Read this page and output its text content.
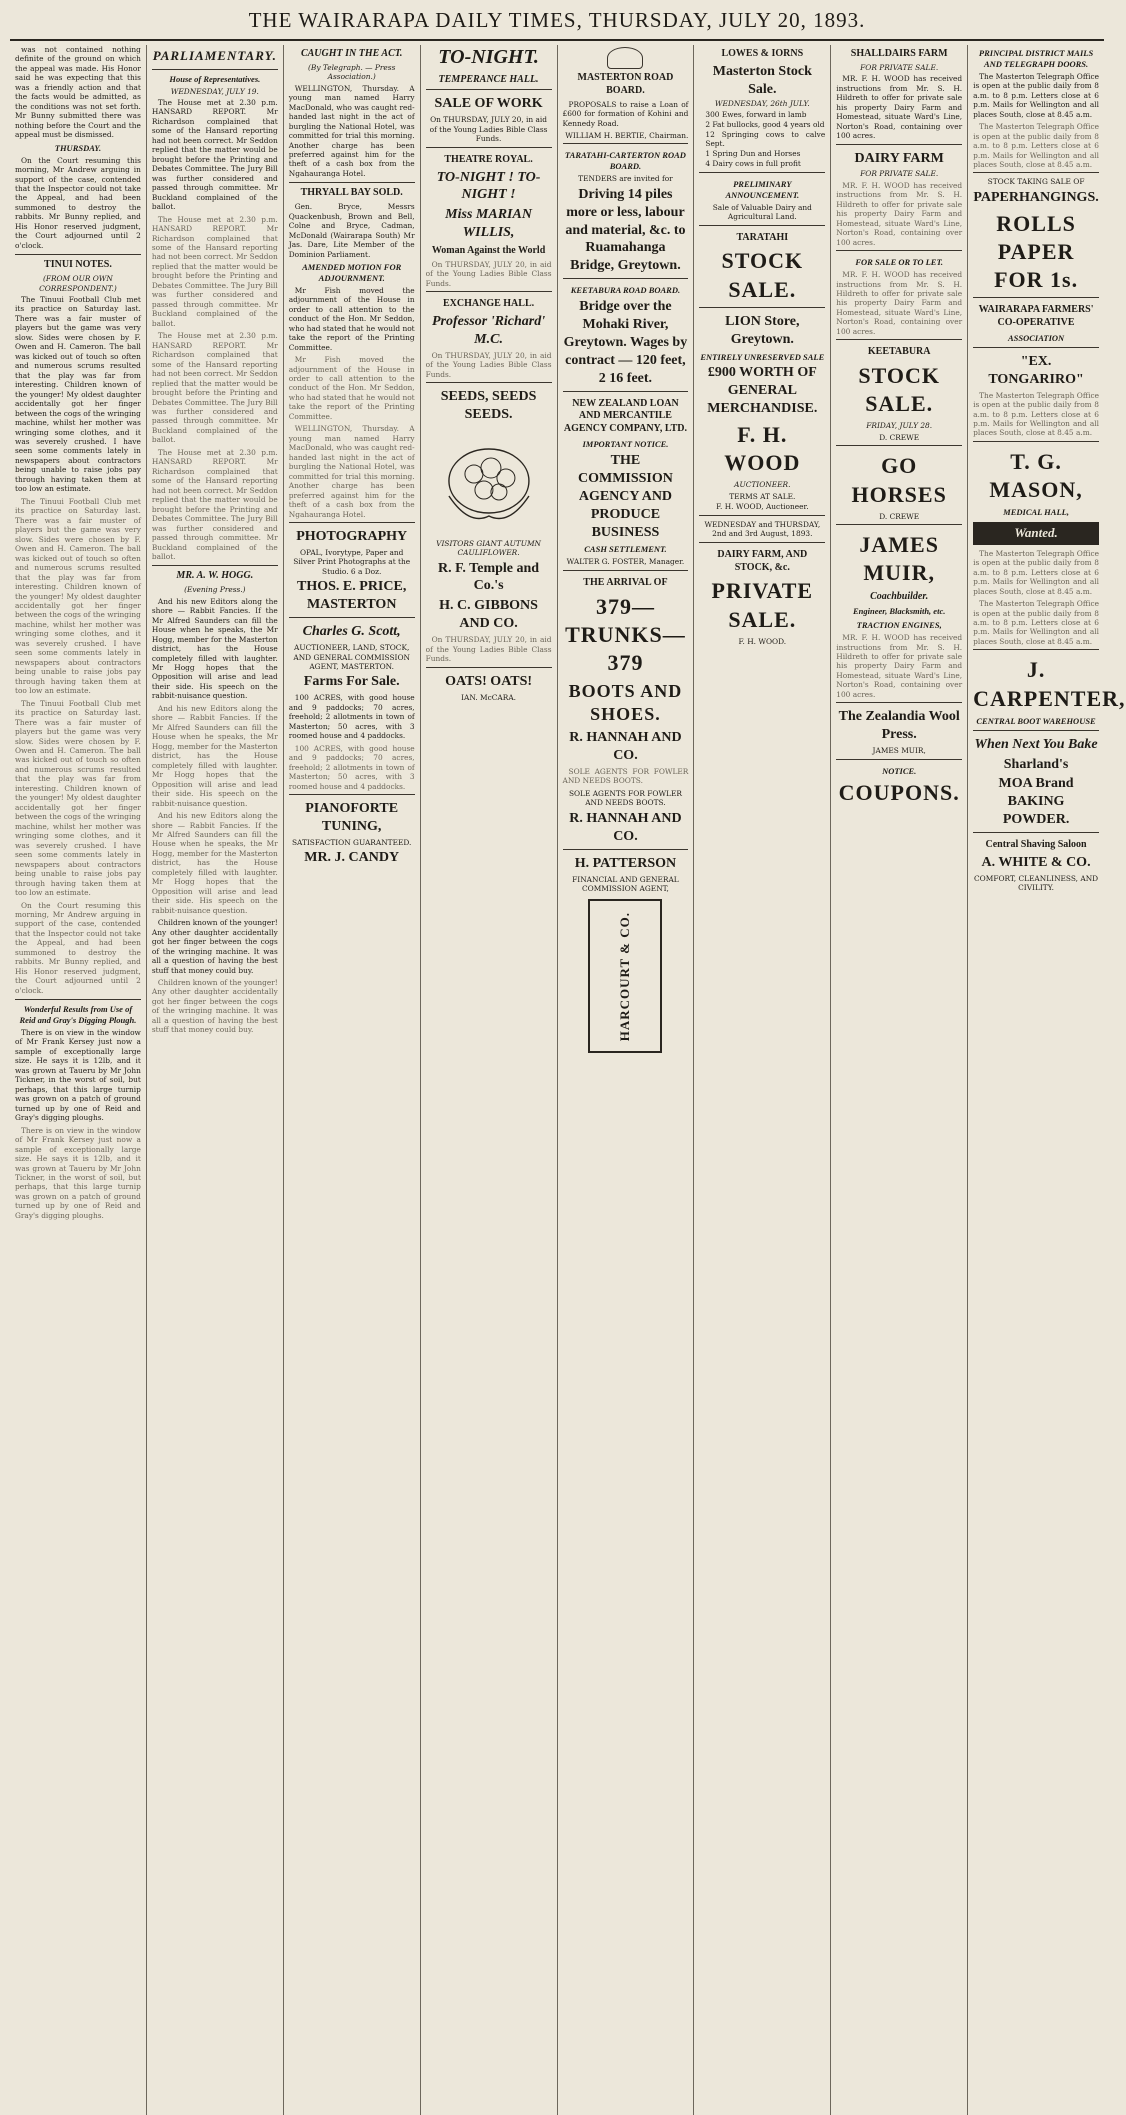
THE WAIRARAPA DAILY TIMES, THURSDAY, JULY 20, 1893.
was not contained nothing definite of the ground on which the appeal was made. His Honor said he was expecting that this was a friendly action and that the facts would be admitted, as the conditions was not set forth. Mr Bunny submitted there was nothing before the Court and the appeal must be dismissed.
THURSDAY.
On the Court resuming this morning, Mr Andrew arguing in support of the case, contended that the Inspector could not take the Appeal, and had been summoned to destroy the rabbits. Mr Bunny replied, and His Honor reserved judgment, the Court adjourned until 2 o'clock.
TINUI NOTES.
(FROM OUR OWN CORRESPONDENT.)
The Tinuui Football Club met its practice on Saturday last. There was a fair muster of players but the game was very slow. Sides were chosen by F. Owen and H. Cameron. The ball was kicked out of touch so often and numerous scrums resulted that the play was far from interesting. Children known of the younger! My oldest daughter accidentally got her finger between the cogs of the wringing machine, whilst her mother was wringing some clothes, and it was severely crushed. I have seen some comments lately in newspapers about contractors being unable to raise jobs pay through having taken them at too low an estimate.
The Tinuui Football Club met its practice on Saturday last. There was a fair muster of players but the game was very slow. Sides were chosen by F. Owen and H. Cameron. The ball was kicked out of touch so often and numerous scrums resulted that the play was far from interesting. Children known of the younger! My oldest daughter accidentally got her finger between the cogs of the wringing machine, whilst her mother was wringing some clothes, and it was severely crushed. I have seen some comments lately in newspapers about contractors being unable to raise jobs pay through having taken them at too low an estimate.
The Tinuui Football Club met its practice on Saturday last. There was a fair muster of players but the game was very slow. Sides were chosen by F. Owen and H. Cameron. The ball was kicked out of touch so often and numerous scrums resulted that the play was far from interesting. Children known of the younger! My oldest daughter accidentally got her finger between the cogs of the wringing machine, whilst her mother was wringing some clothes, and it was severely crushed. I have seen some comments lately in newspapers about contractors being unable to raise jobs pay through having taken them at too low an estimate.
On the Court resuming this morning, Mr Andrew arguing in support of the case, contended that the Inspector could not take the Appeal, and had been summoned to destroy the rabbits. Mr Bunny replied, and His Honor reserved judgment, the Court adjourned until 2 o'clock.
Wonderful Results from Use of Reid and Gray's Digging Plough.
There is on view in the window of Mr Frank Kersey just now a sample of exceptionally large size. He says it is 12lb, and it was grown at Taueru by Mr John Tickner, in the worst of soil, but perhaps, that this large turnip was grown on a patch of ground turned up by one of Reid and Gray's digging ploughs.
There is on view in the window of Mr Frank Kersey just now a sample of exceptionally large size. He says it is 12lb, and it was grown at Taueru by Mr John Tickner, in the worst of soil, but perhaps, that this large turnip was grown on a patch of ground turned up by one of Reid and Gray's digging ploughs.
PARLIAMENTARY.
House of Representatives.
WEDNESDAY, JULY 19.
The House met at 2.30 p.m. HANSARD REPORT. Mr Richardson complained that some of the Hansard reporting had not been correct. Mr Seddon replied that the matter would be brought before the Printing and Debates Committee. The Jury Bill was further considered and passed through committee. Mr Buckland complained of the ballot.
The House met at 2.30 p.m. HANSARD REPORT. Mr Richardson complained that some of the Hansard reporting had not been correct. Mr Seddon replied that the matter would be brought before the Printing and Debates Committee. The Jury Bill was further considered and passed through committee. Mr Buckland complained of the ballot.
The House met at 2.30 p.m. HANSARD REPORT. Mr Richardson complained that some of the Hansard reporting had not been correct. Mr Seddon replied that the matter would be brought before the Printing and Debates Committee. The Jury Bill was further considered and passed through committee. Mr Buckland complained of the ballot.
The House met at 2.30 p.m. HANSARD REPORT. Mr Richardson complained that some of the Hansard reporting had not been correct. Mr Seddon replied that the matter would be brought before the Printing and Debates Committee. The Jury Bill was further considered and passed through committee. Mr Buckland complained of the ballot.
MR. A. W. HOGG.
(Evening Press.)
And his new Editors along the shore — Rabbit Fancies. If the Mr Alfred Saunders can fill the House when he speaks, the Mr Hogg, member for the Masterton district, has the House completely filled with laughter. Mr Hogg hopes that the Opposition will arise and lead their side. His speech on the rabbit-nuisance question.
And his new Editors along the shore — Rabbit Fancies. If the Mr Alfred Saunders can fill the House when he speaks, the Mr Hogg, member for the Masterton district, has the House completely filled with laughter. Mr Hogg hopes that the Opposition will arise and lead their side. His speech on the rabbit-nuisance question.
And his new Editors along the shore — Rabbit Fancies. If the Mr Alfred Saunders can fill the House when he speaks, the Mr Hogg, member for the Masterton district, has the House completely filled with laughter. Mr Hogg hopes that the Opposition will arise and lead their side. His speech on the rabbit-nuisance question.
Children known of the younger! Any other daughter accidentally got her finger between the cogs of the wringing machine. It was all a question of having the best stuff that money could buy.
Children known of the younger! Any other daughter accidentally got her finger between the cogs of the wringing machine. It was all a question of having the best stuff that money could buy.
CAUGHT IN THE ACT.
(By Telegraph. — Press Association.)
WELLINGTON, Thursday. A young man named Harry MacDonald, who was caught red-handed last night in the act of burgling the National Hotel, was committed for trial this morning. Another charge has been preferred against him for the theft of a cash box from the Ngahauranga Hotel.
THRYALL BAY SOLD.
Gen. Bryce, Messrs Quackenbush, Brown and Bell, Colne and Bryce, Cadman, McDonald (Wairarapa South) Mr Jas. Dare, Lite Member of the Dominion Parliament.
AMENDED MOTION FOR ADJOURNMENT.
Mr Fish moved the adjournment of the House in order to call attention to the conduct of the Hon. Mr Seddon, who had stated that he would not take the report of the Printing Committee.
Mr Fish moved the adjournment of the House in order to call attention to the conduct of the Hon. Mr Seddon, who had stated that he would not take the report of the Printing Committee.
WELLINGTON, Thursday. A young man named Harry MacDonald, who was caught red-handed last night in the act of burgling the National Hotel, was committed for trial this morning. Another charge has been preferred against him for the theft of a cash box from the Ngahauranga Hotel.
PHOTOGRAPHY
OPAL, Ivorytype, Paper and Silver Print Photographs at the Studio. 6 a Doz.
THOS. E. PRICE, MASTERTON
Charles G. Scott,
AUCTIONEER, LAND, STOCK, AND GENERAL COMMISSION AGENT, MASTERTON.
Farms For Sale.
100 ACRES, with good house and 9 paddocks; 70 acres, freehold; 2 allotments in town of Masterton; 50 acres, with 3 roomed house and 4 paddocks.
100 ACRES, with good house and 9 paddocks; 70 acres, freehold; 2 allotments in town of Masterton; 50 acres, with 3 roomed house and 4 paddocks.
PIANOFORTE TUNING,
SATISFACTION GUARANTEED.
MR. J. CANDY
TO-NIGHT.
TEMPERANCE HALL.
SALE OF WORK
On THURSDAY, JULY 20, in aid of the Young Ladies Bible Class Funds.
THEATRE ROYAL.
TO-NIGHT ! TO-NIGHT !
Miss MARIAN WILLIS,
Woman Against the World
On THURSDAY, JULY 20, in aid of the Young Ladies Bible Class Funds.
EXCHANGE HALL.
Professor 'Richard' M.C.
On THURSDAY, JULY 20, in aid of the Young Ladies Bible Class Funds.
SEEDS, SEEDS SEEDS.
VISITORS GIANT AUTUMN CAULIFLOWER.
R. F. Temple and Co.'s
H. C. GIBBONS AND CO.
On THURSDAY, JULY 20, in aid of the Young Ladies Bible Class Funds.
OATS! OATS!
IAN. McCARA.
MASTERTON ROAD BOARD.
PROPOSALS to raise a Loan of £600 for formation of Kohini and Kennedy Road.
WILLIAM H. BERTIE, Chairman.
TARATAHI-CARTERTON ROAD BOARD.
TENDERS are invited for
Driving 14 piles more or less, labour and material, &c. to Ruamahanga Bridge, Greytown.
KEETABURA ROAD BOARD.
Bridge over the Mohaki River, Greytown. Wages by contract — 120 feet, 2 16 feet.
NEW ZEALAND LOAN AND MERCANTILE AGENCY COMPANY, LTD.
IMPORTANT NOTICE.
THE COMMISSION AGENCY AND PRODUCE BUSINESS
CASH SETTLEMENT.
WALTER G. FOSTER, Manager.
THE ARRIVAL OF
379—TRUNKS—379
BOOTS AND SHOES.
R. HANNAH AND CO.
SOLE AGENTS FOR FOWLER AND NEEDS BOOTS.
SOLE AGENTS FOR FOWLER AND NEEDS BOOTS.
R. HANNAH AND CO.
H. PATTERSON
FINANCIAL AND GENERAL COMMISSION AGENT,
HARCOURT & CO.
LOWES & IORNS
Masterton Stock Sale.
WEDNESDAY, 26th JULY.
300 Ewes, forward in lamb
2 Fat bullocks, good 4 years old
12 Springing cows to calve Sept.
1 Spring Dun and Horses
4 Dairy cows in full profit
PRELIMINARY ANNOUNCEMENT.
Sale of Valuable Dairy and Agricultural Land.
TARATAHI
STOCK SALE.
LION Store, Greytown.
ENTIRELY UNRESERVED SALE
£900 WORTH OF GENERAL MERCHANDISE.
F. H. WOOD
AUCTIONEER.
TERMS AT SALE.
F. H. WOOD, Auctioneer.
WEDNESDAY and THURSDAY, 2nd and 3rd August, 1893.
DAIRY FARM, AND STOCK, &c.
PRIVATE SALE.
F. H. WOOD.
SHALLDAIRS FARM
FOR PRIVATE SALE.
MR. F. H. WOOD has received instructions from Mr. S. H. Hildreth to offer for private sale his property Dairy Farm and Homestead, situate Ward's Line, Norton's Road, containing over 100 acres.
DAIRY FARM
FOR PRIVATE SALE.
MR. F. H. WOOD has received instructions from Mr. S. H. Hildreth to offer for private sale his property Dairy Farm and Homestead, situate Ward's Line, Norton's Road, containing over 100 acres.
FOR SALE OR TO LET.
MR. F. H. WOOD has received instructions from Mr. S. H. Hildreth to offer for private sale his property Dairy Farm and Homestead, situate Ward's Line, Norton's Road, containing over 100 acres.
KEETABURA
STOCK SALE.
FRIDAY, JULY 28.
D. CREWE
GO HORSES
D. CREWE
JAMES MUIR,
Coachbuilder.
Engineer, Blacksmith, etc.
TRACTION ENGINES,
MR. F. H. WOOD has received instructions from Mr. S. H. Hildreth to offer for private sale his property Dairy Farm and Homestead, situate Ward's Line, Norton's Road, containing over 100 acres.
The Zealandia Wool Press.
JAMES MUIR,
NOTICE.
COUPONS.
PRINCIPAL DISTRICT MAILS AND TELEGRAPH DOORS.
The Masterton Telegraph Office is open at the public daily from 8 a.m. to 8 p.m. Letters close at 6 p.m. Mails for Wellington and all places South, close at 8.45 a.m.
The Masterton Telegraph Office is open at the public daily from 8 a.m. to 8 p.m. Letters close at 6 p.m. Mails for Wellington and all places South, close at 8.45 a.m.
STOCK TAKING SALE OF
PAPERHANGINGS.
ROLLS PAPER FOR 1s.
WAIRARAPA FARMERS' CO-OPERATIVE
ASSOCIATION
"EX. TONGARIRO"
The Masterton Telegraph Office is open at the public daily from 8 a.m. to 8 p.m. Letters close at 6 p.m. Mails for Wellington and all places South, close at 8.45 a.m.
T. G. MASON,
MEDICAL HALL,
Wanted.
The Masterton Telegraph Office is open at the public daily from 8 a.m. to 8 p.m. Letters close at 6 p.m. Mails for Wellington and all places South, close at 8.45 a.m.
The Masterton Telegraph Office is open at the public daily from 8 a.m. to 8 p.m. Letters close at 6 p.m. Mails for Wellington and all places South, close at 8.45 a.m.
J. CARPENTER,
CENTRAL BOOT WAREHOUSE
When Next You Bake
Sharland's
MOA Brand BAKING POWDER.
Central Shaving Saloon
A. WHITE & CO.
COMFORT, CLEANLINESS, AND CIVILITY.
